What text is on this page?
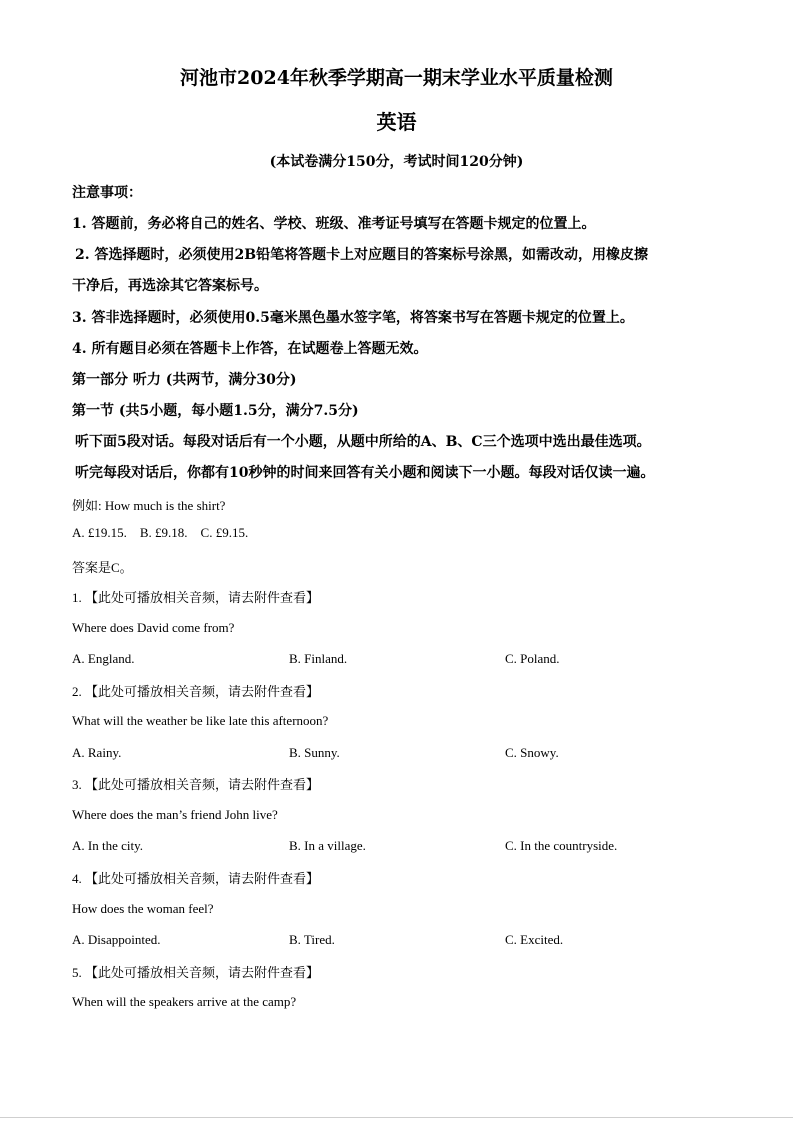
河池市2024年秋季学期高一期末学业水平质量检测
英语
(本试卷满分150分，考试时间120分钟)
注意事项：
1. 答题前，务必将自己的姓名、学校、班级、准考证号填写在答题卡规定的位置上。
2. 答选择题时，必须使用2B铅笔将答题卡上对应题目的答案标号涂黑，如需改动，用橡皮擦
干净后，再选涂其它答案标号。
3. 答非选择题时，必须使用0.5毫米黑色墨水签字笔，将答案书写在答题卡规定的位置上。
4. 所有题目必须在答题卡上作答，在试题卷上答题无效。
第一部分 听力 (共两节，满分30分)
第一节 (共5小题，每小题1.5分，满分7.5分)
听下面5段对话。每段对话后有一个小题，从题中所给的A、B、C三个选项中选出最佳选项。
听完每段对话后，你都有10秒钟的时间来回答有关小题和阅读下一小题。每段对话仅读一遍。
例如: How much is the shirt?
A. £19.15.    B. £9.18.    C. £9.15.
答案是C。
1. 【此处可播放相关音频，请去附件查看】
Where does David come from?
A. England.	B. Finland.	C. Poland.
2. 【此处可播放相关音频，请去附件查看】
What will the weather be like late this afternoon?
A. Rainy.	B. Sunny.	C. Snowy.
3. 【此处可播放相关音频，请去附件查看】
Where does the man’s friend John live?
A. In the city.	B. In a village.	C. In the countryside.
4. 【此处可播放相关音频，请去附件查看】
How does the woman feel?
A. Disappointed.	B. Tired.	C. Excited.
5. 【此处可播放相关音频，请去附件查看】
When will the speakers arrive at the camp?
